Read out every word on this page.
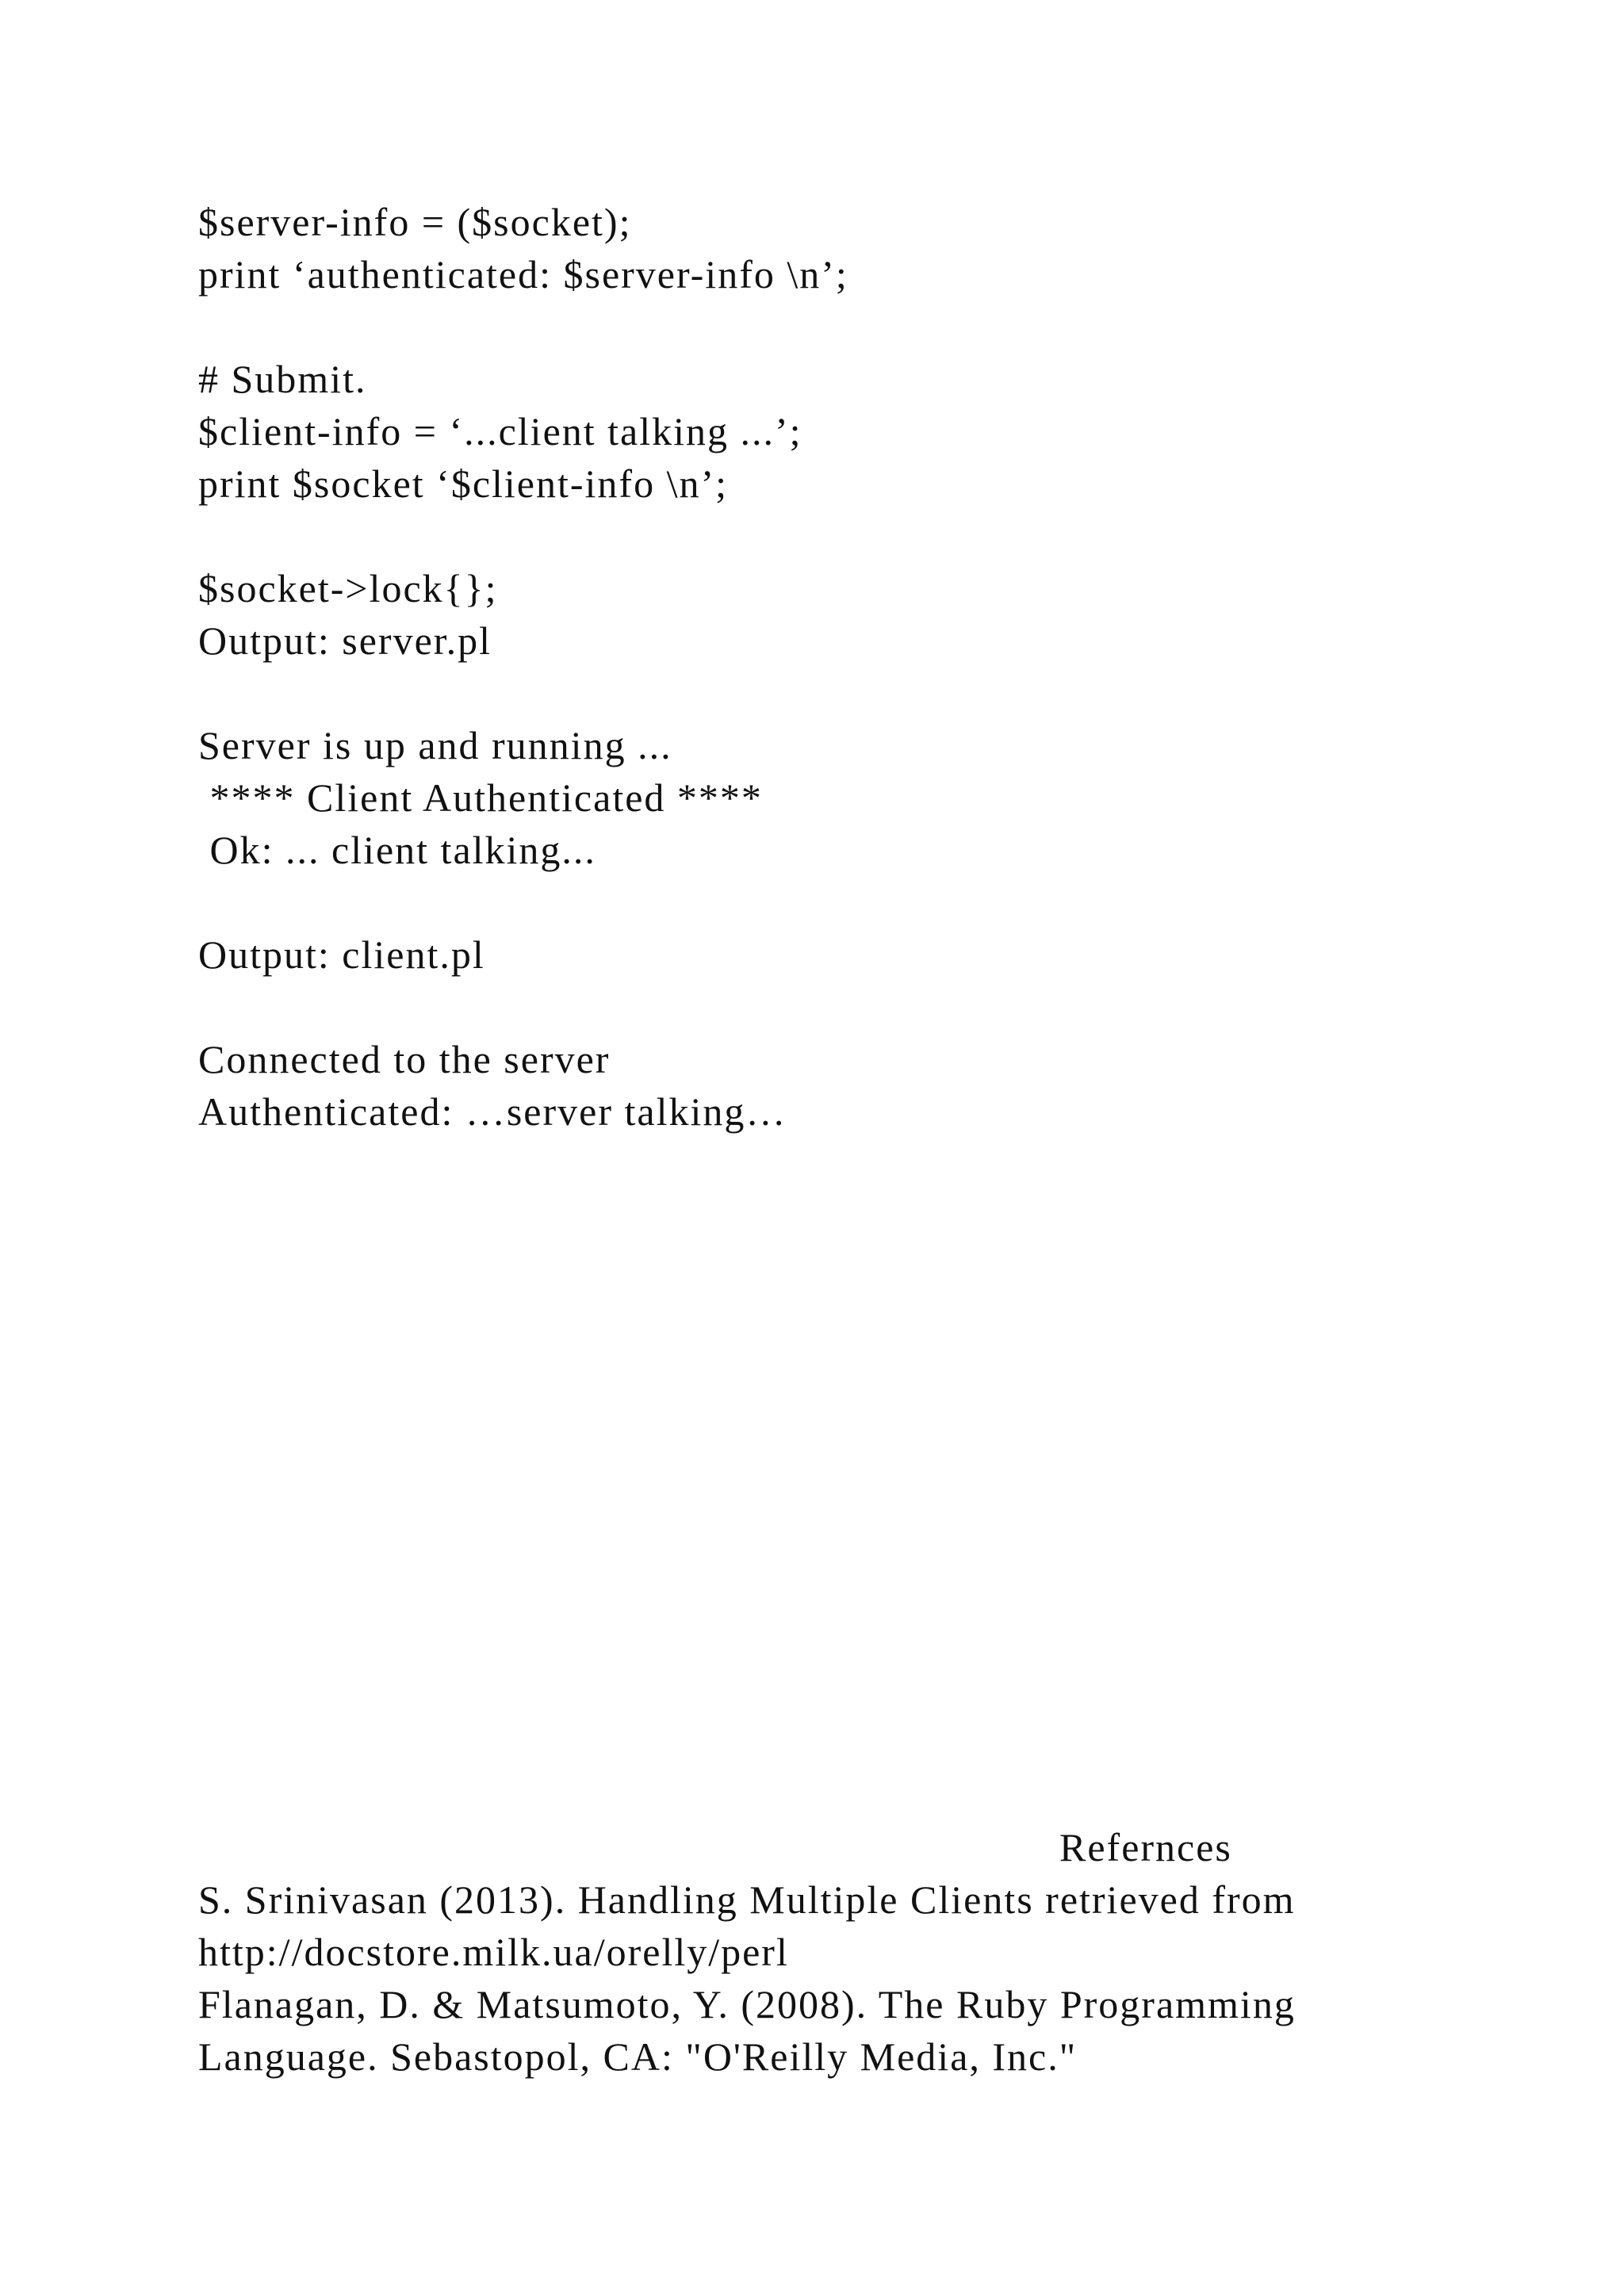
$server-info = ($socket);
print ‘authenticated: $server-info \n’;
# Submit.
$client-info = ‘...client talking ...’;
print $socket ‘$client-info \n’;
$socket->lock{};
Output: server.pl
Server is up and running ...
**** Client Authenticated ****
Ok: ... client talking...
Output: client.pl
Connected to the server
Authenticated: …server talking…
Refernces
S. Srinivasan (2013). Handling Multiple Clients retrieved from
http://docstore.milk.ua/orelly/perl
Flanagan, D. & Matsumoto, Y. (2008). The Ruby Programming
Language. Sebastopol, CA: "O'Reilly Media, Inc."
